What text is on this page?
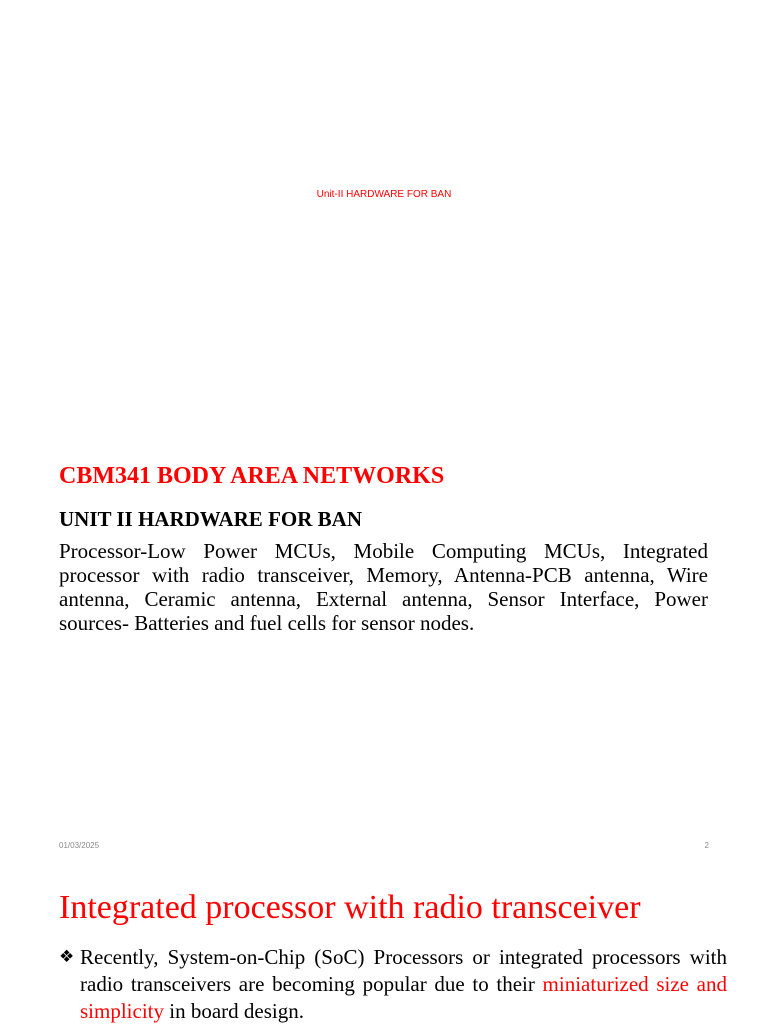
Unit-II HARDWARE FOR BAN
CBM341 BODY AREA NETWORKS
UNIT II HARDWARE FOR BAN

Processor-Low Power MCUs, Mobile Computing MCUs, Integrated processor with radio transceiver, Memory, Antenna-PCB antenna, Wire antenna, Ceramic antenna, External antenna, Sensor Interface, Power sources- Batteries and fuel cells for sensor nodes.

01/03/2025	2
Integrated processor with radio transceiver
❖ Recently, System-on-Chip (SoC) Processors or integrated processors with radio transceivers are becoming popular due to their miniaturized size and simplicity in board design.
